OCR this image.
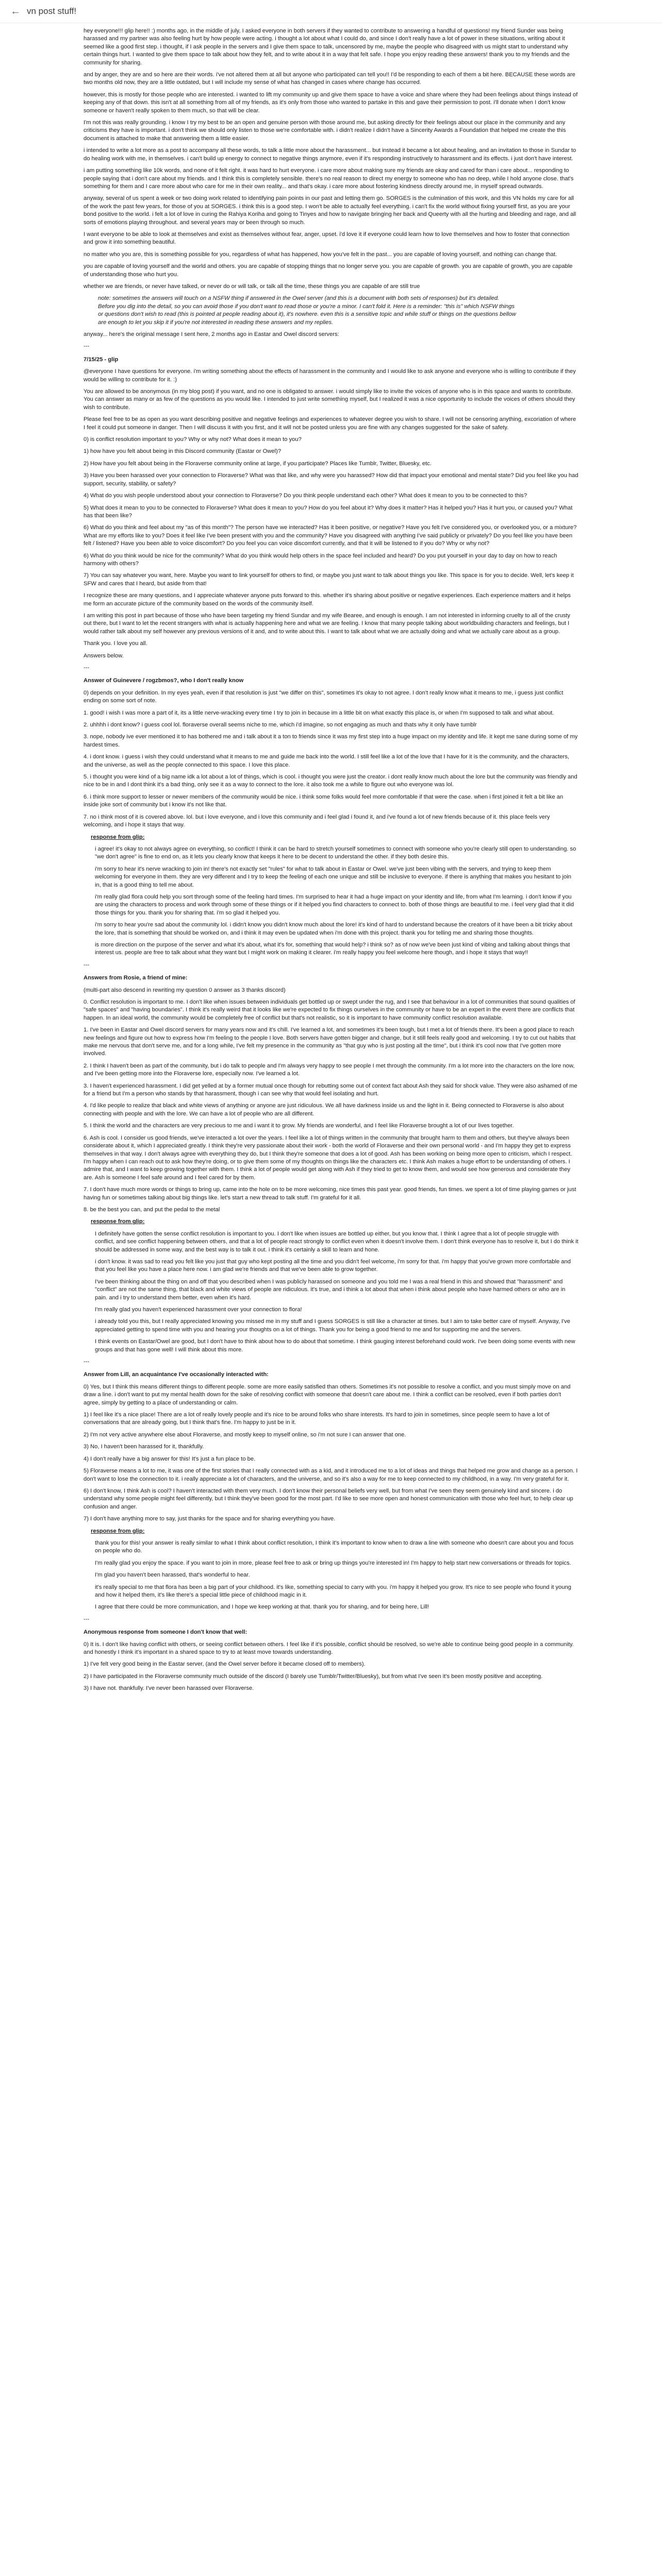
← vn post stuff!
hey everyone!!! glip here!! :) months ago, in the middle of july, I asked everyone in both servers if they wanted to contribute to answering a handful of questions! my friend Sunder was being harassed and my partner was also feeling hurt by how people were acting. i thought a lot about what I could do, and since I don't really have a lot of power in these situations, writing about it seemed like a good first step. i thought, if I ask people in the servers and I give them space to talk, uncensored by me, maybe the people who disagreed with us might start to understand why certain things hurt. I wanted to give them space to talk about how they felt, and to write about it in a way that felt safe. I hope you enjoy reading these answers! thank you to my friends and the community for sharing.
and by anger, they are and so here are their words. i've not altered them at all but anyone who participated can tell you!! I'd be responding to each of them a bit here. BECAUSE these words are two months old now, they are a little outdated, but I will include my sense of what has changed in cases where change has occurred.
however, this is mostly for those people who are interested. i wanted to lift my community up and give them space to have a voice and share where they had been feelings about things instead of keeping any of that down. this isn't at all something from all of my friends, as it's only from those who wanted to partake in this and gave their permission to post. i'll donate when I don't know someone or haven't really spoken to them much, so that will be clear.
I'm not this was really grounding. i know I try my best to be an open and genuine person with those around me, but asking directly for their feelings about our place in the community and any criticisms they have is important. i don't think we should only listen to those we're comfortable with. i didn't realize I didn't have a Sincerity Awards a Foundation that helped me create the this document is attached to make that answering them a little easier.
i intended to write a lot more as a post to accompany all these words, to talk a little more about the harassment... but instead it became a lot about healing, and an invitation to those in Sundar to do healing work with me, in themselves. i can't build up energy to connect to negative things anymore, even if it's responding instructively to harassment and its effects. i just don't have interest.
i am putting something like 10k words, and none of it felt right. it was hard to hurt everyone. i care more about making sure my friends are okay and cared for than i care about... responding to people saying that i don't care about my friends. and I think this is completely sensible. there's no real reason to direct my energy to someone who has no deep, while I hold anyone close. that's something for them and I care more about who care for me in their own reality... and that's okay. i care more about fostering kindness directly around me, in myself spread outwards.
anyway, several of us spent a week or two doing work related to identifying pain points in our past and letting them go. SORGES is the culmination of this work, and this VN holds my care for all of the work the past few years, for those of you at SORGES. i think this is a good step. I won't be able to actually feel everything. i can't fix the world without fixing yourself first, as you are your bond positive to the world. i felt a lot of love in curing the Rahiya Koriha and going to Tinyes and how to navigate bringing her back and Queerty with all the hurting and bleeding and rage, and all sorts of emotions playing throughout. and several years may or been through so much.
I want everyone to be able to look at themselves and exist as themselves without fear, anger, upset. i'd love it if everyone could learn how to love themselves and how to foster that connection and grow it into something beautiful.
no matter who you are, this is something possible for you, regardless of what has happened, how you've felt in the past... you are capable of loving yourself, and nothing can change that.
you are capable of loving yourself and the world and others. you are capable of stopping things that no longer serve you. you are capable of growth. you are capable of growth, you are capable of understanding those who hurt you.
whether we are friends, or never have talked, or never do or will talk, or talk all the time, these things you are capable of are still true
note: sometimes the answers will touch on a NSFW thing if answered in the Owel server (and this is a document with both sets of responses) but it's detailed. Before you dig into the detail, so you can avoid those if you don't want to read those or you're a minor. I can't fold it. Here is a reminder: "this is" which NSFW things or questions don't wish to read (this is pointed at people reading about it), it's nowhere. even this is a sensitive topic and while stuff or things on the questions bellow are enough to let you skip it if you're not interested in reading these answers and my replies.
anyway... here's the original message I sent here, 2 months ago in Eastar and Owel discord servers:
---
7/15/25 - glip
@everyone I have questions for everyone. i'm writing something about the effects of harassment in the community and I would like to ask anyone and everyone who is willing to contribute if they would be willing to contribute for it. :)
You are allowed to be anonymous (in my blog post) if you want, and no one is obligated to answer. i would simply like to invite the voices of anyone who is in this space and wants to contribute. You can answer as many or as few of the questions as you would like. I intended to just write something myself, but I realized it was a nice opportunity to include the voices of others should they wish to contribute.
Please feel free to be as open as you want describing positive and negative feelings and experiences to whatever degree you wish to share. I will not be censoring anything, excoriation of where I feel it could put someone in danger. Then I will discuss it with you first, and it will not be posted unless you are fine with any changes suggested for the sake of safety.
0) is conflict resolution important to you? Why or why not? What does it mean to you?
1) how have you felt about being in this Discord community (Eastar or Owel)?
2) How have you felt about being in the Floraverse community online at large, if you participate? Places like Tumblr, Twitter, Bluesky, etc.
3) Have you been harassed over your connection to Floraverse? What was that like, and why were you harassed? How did that impact your emotional and mental state? Did you feel like you had support, security, stability, or safety?
4) What do you wish people understood about your connection to Floraverse? Do you think people understand each other? What does it mean to you to be connected to this?
5) What does it mean to you to be connected to Floraverse? What does it mean to you? How do you feel about it? Why does it matter? Has it helped you? Has it hurt you, or caused you? What has that been like?
6) What do you think and feel about my "as of this month"? The person have we interacted? Has it been positive, or negative? Have you felt I've considered you, or overlooked you, or a mixture? What are my efforts like to you? Does it feel like I've been present with you and the community? Have you disagreed with anything I've said publicly or privately? Do you feel like you have been felt / listened? Have you been able to voice discomfort? Do you feel you can voice discomfort currently, and that it will be listened to if you do? Why or why not?
6) What do you think would be nice for the community? What do you think would help others in the space feel included and heard? Do you put yourself in your day to day on how to reach harmony with others?
7) You can say whatever you want, here. Maybe you want to link yourself for others to find, or maybe you just want to talk about things you like. This space is for you to decide. Well, let's keep it SFW and cares that I heard, but aside from that!
I recognize these are many questions, and I appreciate whatever anyone puts forward to this. whether it's sharing about positive or negative experiences. Each experience matters and it helps me form an accurate picture of the community based on the words of the community itself.
I am writing this post in part because of those who have been targeting my friend Sundar and my wife Bearee, and enough is enough. I am not interested in informing cruelty to all of the crusty out there, but I want to let the recent strangers with what is actually happening here and what we are feeling. I know that many people talking about worldbuilding characters and feelings, but I would rather talk about my self however any previous versions of it and, and to write about this. I want to talk about what we are actually doing and what we actually care about as a group.
Thank you. I love you all.
Answers below.
---
Answer of Guinevere / rogzbmos?, who I don't really know
0) depends on your definition. In my eyes yeah, even if that resolution is just "we differ on this", sometimes it's okay to not agree. I don't really know what it means to me, i guess just conflict ending on some sort of note.
1. good! i wish I was more a part of it, its a little nerve-wracking every time I try to join in because im a little bit on what exactly this place is, or when I'm supposed to talk and what about.
2. uhhhh i dont know? i guess cool lol. floraverse overall seems niche to me, which i'd imagine, so not engaging as much and thats why it only have tumblr
3. nope, nobody ive ever mentioned it to has bothered me and i talk about it a ton to friends since it was my first step into a huge impact on my identity and life. it kept me sane during some of my hardest times.
4. i dont know. i guess i wish they could understand what it means to me and guide me back into the world. I still feel like a lot of the love that I have for it is the community, and the characters, and the universe, as well as the people connected to this space. I love this place.
5. i thought you were kind of a big name idk a lot about a lot of things, which is cool. i thought you were just the creator. i dont really know much about the lore but the community was friendly and nice to be in and I dont think it's a bad thing, only see it as a way to connect to the lore. it also took me a while to figure out who everyone was lol.
6. i think more support to lesser or newer members of the community would be nice. i think some folks would feel more comfortable if that were the case. when i first joined it felt a bit like an inside joke sort of community but i know it's not like that.
7. no i think most of it is covered above. lol. but i love everyone, and i love this community and i feel glad i found it, and i've found a lot of new friends because of it. this place feels very welcoming, and i hope it stays that way.
response from glip:
i agree! it's okay to not always agree on everything, so conflict! I think it can be hard to stretch yourself sometimes to connect with someone who you're clearly still open to understanding. so "we don't agree" is fine to end on, as it lets you clearly know that keeps it here to be decent to understand the other. if they both desire this.
i'm sorry to hear it's nerve wracking to join in! there's not exactly set "rules" for what to talk about in Eastar or Owel. we've just been vibing with the servers, and trying to keep them welcoming for everyone in them. they are very different and I try to keep the feeling of each one unique and still be inclusive to everyone. if there is anything that makes you hesitant to join in, that is a good thing to tell me about.
i'm really glad flora could help you sort through some of the feeling hard times. I'm surprised to hear it had a huge impact on your identity and life, from what I'm learning. i don't know if you are using the characters to process and work through some of these things or if it helped you find characters to connect to. both of those things are beautiful to me. i feel very glad that it did those things for you. thank you for sharing that. i'm so glad it helped you.
i'm sorry to hear you're sad about the community lol. i didn't know you didn't know much about the lore! it's kind of hard to understand because the creators of it have been a bit tricky about the lore, that is something that should be worked on, and i think it may even be updated when i'm done with this project. thank you for telling me and sharing those thoughts.
is more direction on the purpose of the server and what it's about, what it's for, something that would help? i think so? as of now we've been just kind of vibing and talking about things that interest us. people are free to talk about what they want but I might work on making it clearer. i'm really happy you feel welcome here though, and i hope it stays that way!!
---
Answers from Rosie, a friend of mine:
(multi-part also descend in rewriting my question 0 answer as 3 thanks discord)
0. Conflict resolution is important to me. I don't like when issues between individuals get bottled up or swept under the rug, and I see that behaviour in a lot of communities that sound qualities of "safe spaces" and "having boundaries". I think it's really weird that it looks like we're expected to fix things ourselves in the community or have to be an expert in the event there are conflicts that happen. In an ideal world, the community would be completely free of conflict but that's not realistic, so it is important to have community conflict resolution available.
1. I've been in Eastar and Owel discord servers for many years now and it's chill. I've learned a lot, and sometimes it's been tough, but I met a lot of friends there. It's been a good place to reach new feelings and figure out how to express how I'm feeling to the people I love. Both servers have gotten bigger and change, but it still feels really good and welcoming. I try to cut out habits that make me nervous that don't serve me, and for a long while, I've felt my presence in the community as "that guy who is just posting all the time", but i think it's cool now that I've gotten more involved.
2. I think I haven't been as part of the community, but i do talk to people and I'm always very happy to see people I met through the community. I'm a lot more into the characters on the lore now, and I've been getting more into the Floraverse lore, especially now. I've learned a lot.
3. I haven't experienced harassment. I did get yelled at by a former mutual once though for rebutting some out of context fact about Ash they said for shock value. They were also ashamed of me for a friend but I'm a person who stands by that harassment, though i can see why that would feel isolating and hurt.
4. I'd like people to realize that black and white views of anything or anyone are just ridiculous. We all have darkness inside us and the light in it. Being connected to Floraverse is also about connecting with people and with the lore. We can have a lot of people who are all different.
5. I think the world and the characters are very precious to me and i want it to grow. My friends are wonderful, and I feel like Floraverse brought a lot of our lives together.
6. Ash is cool. I consider us good friends, we've interacted a lot over the years. I feel like a lot of things written in the community that brought harm to them and others, but they've always been considerate about it, which I appreciated greatly. I think they're very passionate about their work - both the world of Floraverse and their own personal world - and I'm happy they get to express themselves in that way. I don't always agree with everything they do, but I think they're someone that does a lot of good. Ash has been working on being more open to criticism, which I respect. I'm happy when I can reach out to ask how they're doing, or to give them some of my thoughts on things like the characters etc. I think Ash makes a huge effort to be understanding of others. I admire that, and I want to keep growing together with them. I think a lot of people would get along with Ash if they tried to get to know them, and would see how generous and considerate they are. Ash is someone I feel safe around and I feel cared for by them.
7. I don't have much more words or things to bring up, came into the hole on to be more welcoming, nice times this past year. good friends, fun times. we spent a lot of time playing games or just having fun or sometimes talking about big things like. let's start a new thread to talk stuff. I'm grateful for it all.
8. be the best you can, and put the pedal to the metal
response from glip:
I definitely have gotten the sense conflict resolution is important to you. I don't like when issues are bottled up either, but you know that. I think I agree that a lot of people struggle with conflict, and see conflict happening between others, and that a lot of people react strongly to conflict even when it doesn't involve them. I don't think everyone has to resolve it, but I do think it should be addressed in some way, and the best way is to talk it out. i think it's certainly a skill to learn and hone.
i don't know. it was sad to read you felt like you just that guy who kept posting all the time and you didn't feel welcome, i'm sorry for that. i'm happy that you've grown more comfortable and that you feel like you have a place here now. i am glad we're friends and that we've been able to grow together.
I've been thinking about the thing on and off that you described when I was publicly harassed on someone and you told me I was a real friend in this and showed that "harassment" and "conflict" are not the same thing, that black and white views of people are ridiculous. it's true, and i think a lot about that when i think about people who have harmed others or who are in pain. and i try to understand them better, even when it's hard.
I'm really glad you haven't experienced harassment over your connection to flora!
i already told you this, but I really appreciated knowing you missed me in my stuff and I guess SORGES is still like a character at times. but I aim to take better care of myself. Anyway, I've appreciated getting to spend time with you and hearing your thoughts on a lot of things. Thank you for being a good friend to me and for supporting me and the servers.
I think events on Eastar/Owel are good, but I don't have to think about how to do about that sometime. I think gauging interest beforehand could work. I've been doing some events with new groups and that has gone well! I will think about this more.
---
Answer from Lill, an acquaintance I've occasionally interacted with:
0) Yes, but I think this means different things to different people. some are more easily satisfied than others. Sometimes it's not possible to resolve a conflict, and you must simply move on and draw a line. i don't want to put my mental health down for the sake of resolving conflict with someone that doesn't care about me. I think a conflict can be resolved, even if both parties don't agree, simply by getting to a place of understanding or calm.
1) I feel like it's a nice place! There are a lot of really lovely people and it's nice to be around folks who share interests. It's hard to join in sometimes, since people seem to have a lot of conversations that are already going, but I think that's fine. I'm happy to just be in it.
2) I'm not very active anywhere else about Floraverse, and mostly keep to myself online, so i'm not sure I can answer that one.
3) No, I haven't been harassed for it, thankfully.
4) I don't really have a big answer for this! It's just a fun place to be.
5) Floraverse means a lot to me, it was one of the first stories that I really connected with as a kid, and it introduced me to a lot of ideas and things that helped me grow and change as a person. I don't want to lose the connection to it. i really appreciate a lot of characters, and the universe, and so it's also a way for me to keep connected to my childhood, in a way. I'm very grateful for it.
6) I don't know, I think Ash is cool? I haven't interacted with them very much. I don't know their personal beliefs very well, but from what I've seen they seem genuinely kind and sincere. i do understand why some people might feel differently, but I think they've been good for the most part. I'd like to see more open and honest communication with those who feel hurt, to help clear up confusion and anger.
7) I don't have anything more to say, just thanks for the space and for sharing everything you have.
response from glip:
thank you for this! your answer is really similar to what I think about conflict resolution, I think it's important to know when to draw a line with someone who doesn't care about you and focus on people who do.
I'm really glad you enjoy the space. if you want to join in more, please feel free to ask or bring up things you're interested in! I'm happy to help start new conversations or threads for topics.
I'm glad you haven't been harassed, that's wonderful to hear.
it's really special to me that flora has been a big part of your childhood. it's like, something special to carry with you. i'm happy it helped you grow. It's nice to see people who found it young and how it helped them, it's like there's a special little piece of childhood magic in it.
I agree that there could be more communication, and I hope we keep working at that. thank you for sharing, and for being here, Lill!
---
Anonymous response from someone I don't know that well:
0) It is. I don't like having conflict with others, or seeing conflict between others. I feel like if it's possible, conflict should be resolved, so we're able to continue being good people in a community. and honestly I think it's important in a shared space to try to at least move towards understanding.
1) I've felt very good being in the Eastar server, (and the Owel server before it became closed off to members).
2) I have participated in the Floraverse community much outside of the discord (I barely use Tumblr/Twitter/Bluesky), but from what I've seen it's been mostly positive and accepting.
3) I have not. thankfully. I've never been harassed over Floraverse.
